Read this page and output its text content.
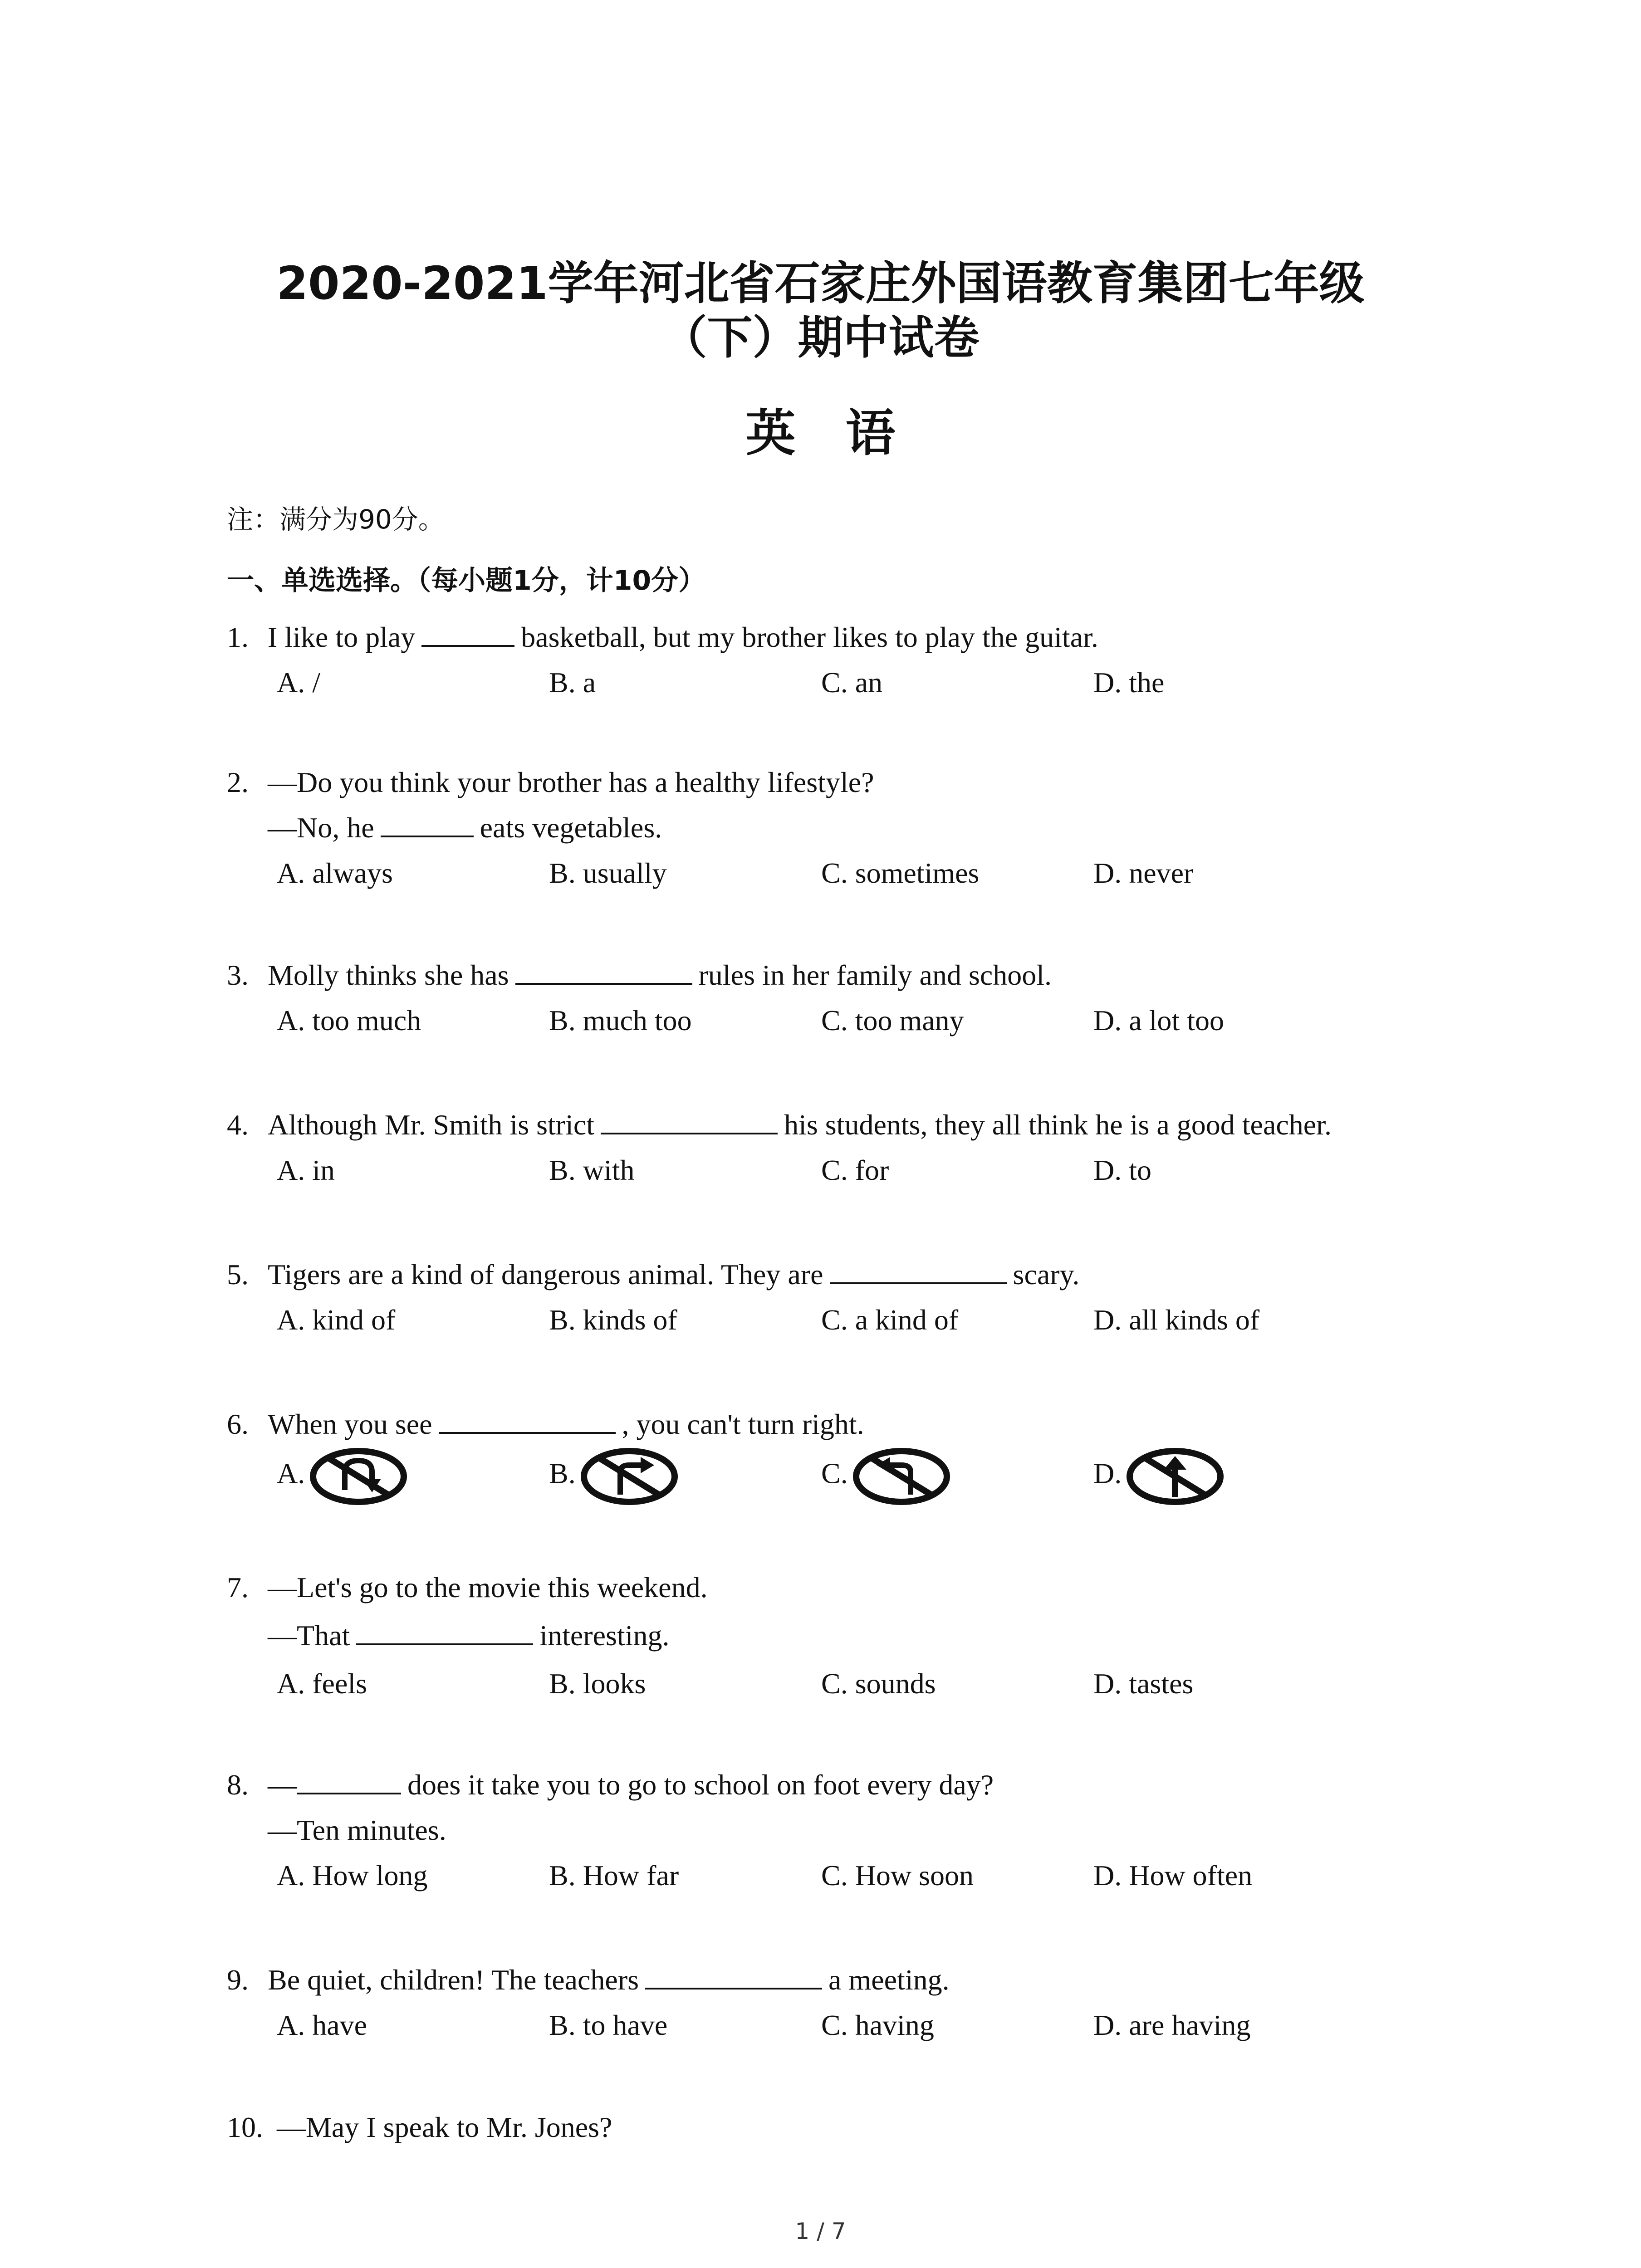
2020-2021学年河北省石家庄外国语教育集团七年级
（下）期中试卷
英语
注：满分为90分。
一、单选选择。（每小题1分，计10分）
1. I like to play	basketball, but my brother likes to play the guitar.
A. /	B. a	C. an	D. the
2. —Do you think your brother has a healthy lifestyle?
—No, he	eats vegetables.
A. always	B. usually	C. sometimes	D. never
3. Molly thinks she has	rules in her family and school.
A. too much	B. much too	C. too many	D. a lot too
4. Although Mr. Smith is strict	his students, they all think he is a good teacher.
A. in	B. with	C. for	D. to
5. Tigers are a kind of dangerous animal. They are	scary.
A. kind of	B. kinds of	C. a kind of	D. all kinds of
6. When you see	, you can't turn right.
A.	B.	C.	D.
7. —Let's go to the movie this weekend.
—That	interesting.
A. feels	B. looks	C. sounds	D. tastes
8. —	does it take you to go to school on foot every day?
—Ten minutes.
A. How long	B. How far	C. How soon	D. How often
9. Be quiet, children! The teachers	a meeting.
A. have	B. to have	C. having	D. are having
10. —May I speak to Mr. Jones?
1 / 7
